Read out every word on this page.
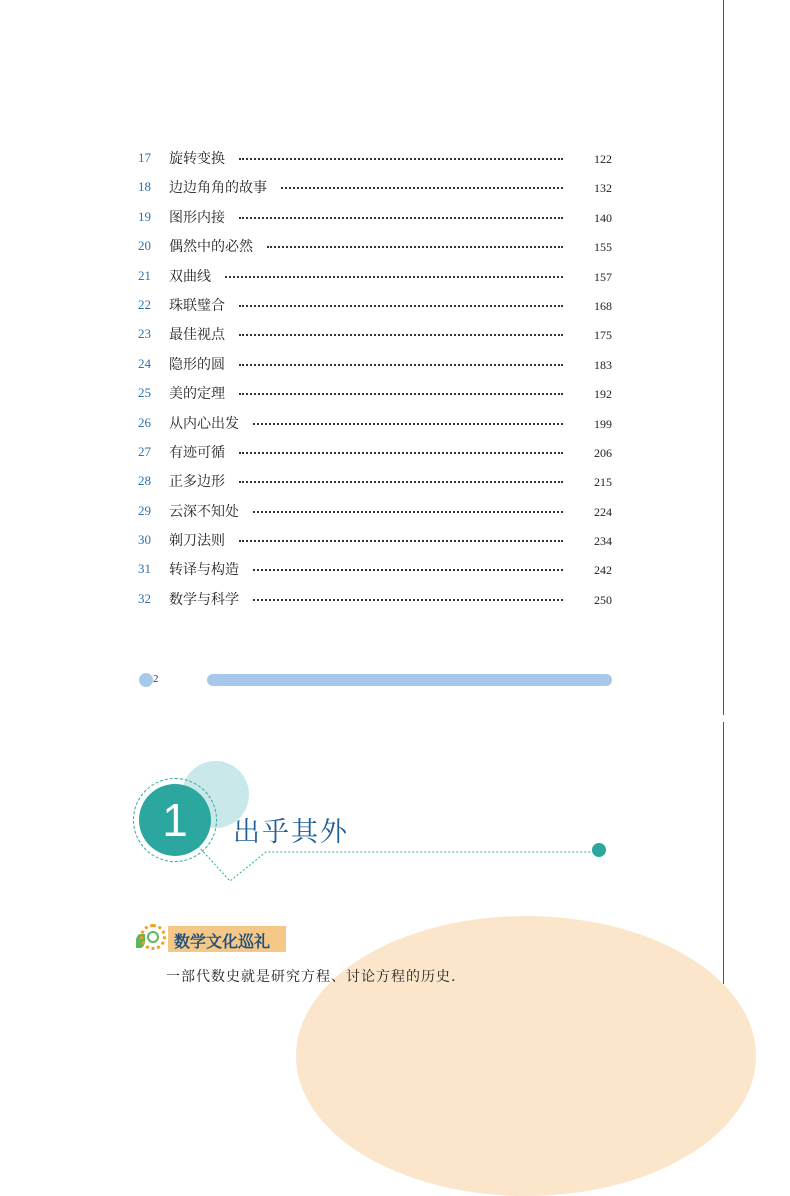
17 旋转变换	122
18 边边角角的故事	132
19 图形内接	140
20 偶然中的必然	155
21 双曲线	157
22 珠联璧合	168
23 最佳视点	175
24 隐形的圆	183
25 美的定理	192
26 从内心出发	199
27 有迹可循	206
28 正多边形	215
29 云深不知处	224
30 剃刀法则	234
31 转译与构造	242
32 数学与科学	250
2
1	出乎其外
数学文化巡礼
一部代数史就是研究方程、讨论方程的历史.
